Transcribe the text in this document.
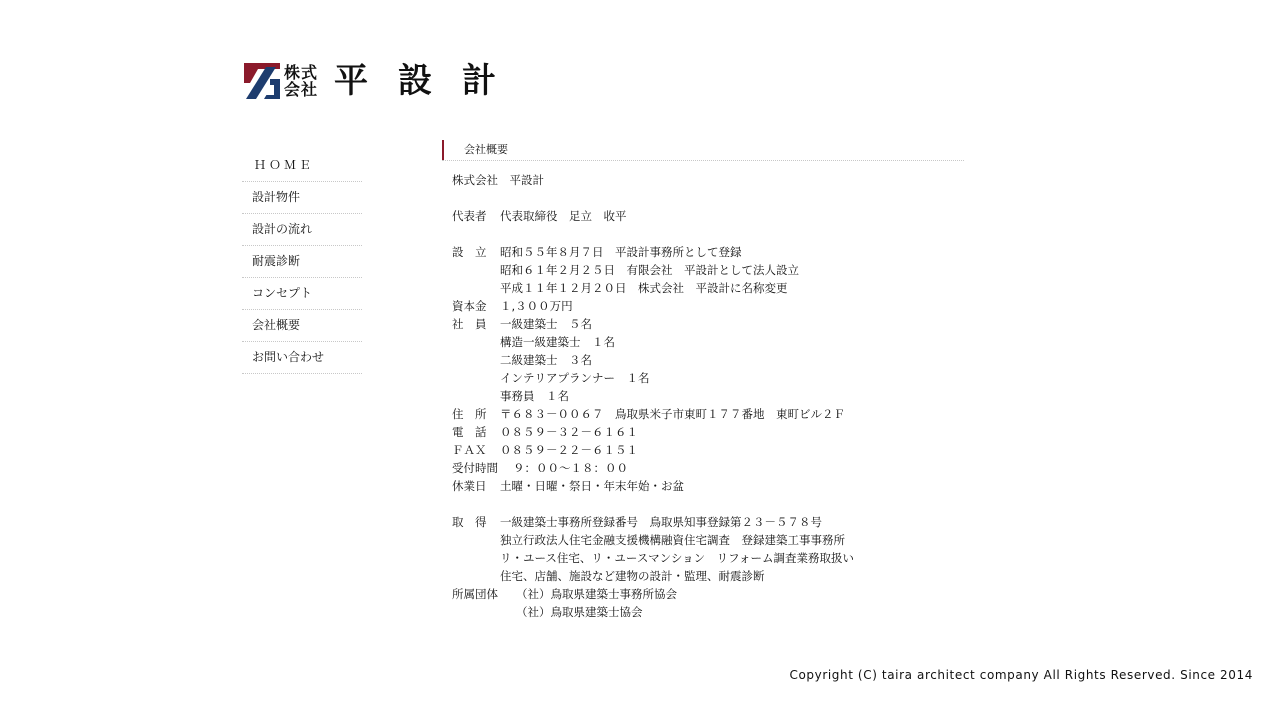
株式
会社 平設計
ＨＯＭＥ
設計物件
設計の流れ
耐震診断
コンセプト
会社概要
お問い合わせ
会社概要
株式会社　平設計
代表者	代表取締役　足立　收平
設　立	昭和５５年８月７日　平設計事務所として登録
昭和６１年２月２５日　有限会社　平設計として法人設立
平成１１年１２月２０日　株式会社　平設計に名称変更
資本金	１,３００万円
社　員	一級建築士　５名
構造一級建築士　１名
二級建築士　３名
インテリアプランナー　１名
事務員　１名
住　所	〒６８３－００６７　鳥取県米子市東町１７７番地　東町ビル２Ｆ
電　話	０８５９－３２－６１６１
ＦＡＸ	０８５９－２２－６１５１
受付時間	９：００～１８：００
休業日	土曜・日曜・祭日・年末年始・お盆
取　得	一級建築士事務所登録番号　鳥取県知事登録第２３－５７８号
独立行政法人住宅金融支援機構融資住宅調査　登録建築工事事務所
リ・ユース住宅、リ・ユースマンション　リフォーム調査業務取扱い
住宅、店舗、施設など建物の設計・監理、耐震診断
所属団体	（社）鳥取県建築士事務所協会
（社）鳥取県建築士協会
Copyright (C) taira architect company All Rights Reserved. Since 2014
